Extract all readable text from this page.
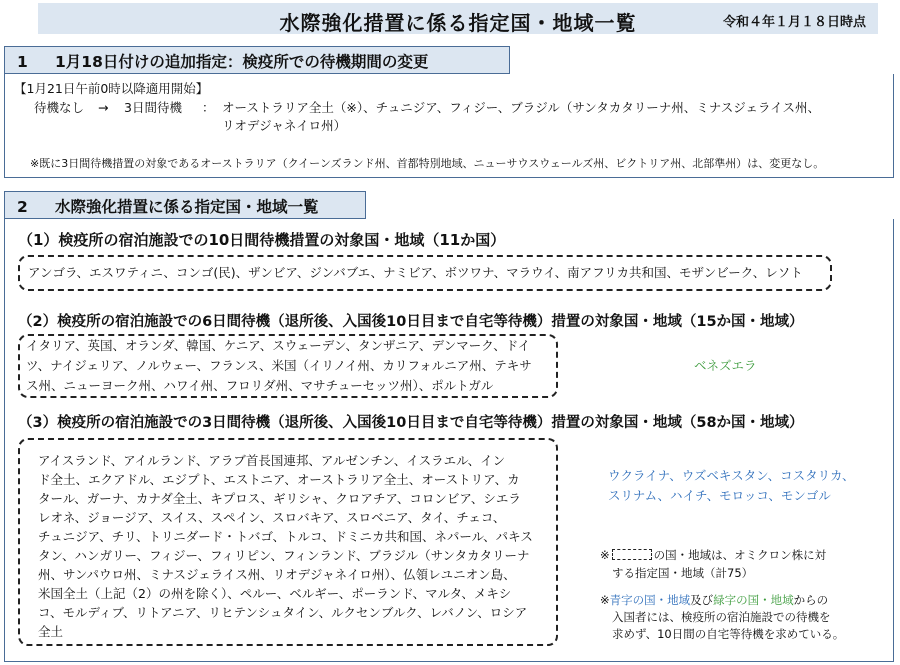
水際強化措置に係る指定国・地域一覧	令和４年１月１８日時点
1 1月18日付けの追加指定：検疫所での待機期間の変更
【1月21日午前0時以降適用開始】
待機なし → 3日間待機 ： オーストラリア全土（※）、チュニジア、フィジー、ブラジル（サンタカタリーナ州、ミナスジェライス州、
リオデジャネイロ州）
※既に3日間待機措置の対象であるオーストラリア（クイーンズランド州、首都特別地域、ニューサウスウェールズ州、ビクトリア州、北部準州）は、変更なし。
2 水際強化措置に係る指定国・地域一覧
（1）検疫所の宿泊施設での10日間待機措置の対象国・地域（11か国）
アンゴラ、エスワティニ、コンゴ(民)、ザンビア、ジンバブエ、ナミビア、ボツワナ、マラウイ、南アフリカ共和国、モザンビーク、レソト
（2）検疫所の宿泊施設での6日間待機（退所後、入国後10日目まで自宅等待機）措置の対象国・地域（15か国・地域）
イタリア、英国、オランダ、韓国、ケニア、スウェーデン、タンザニア、デンマーク、ドイ
ツ、ナイジェリア、ノルウェー、フランス、米国（イリノイ州、カリフォルニア州、テキサ
ス州、ニューヨーク州、ハワイ州、フロリダ州、マサチューセッツ州）、ポルトガル
ベネズエラ
（3）検疫所の宿泊施設での3日間待機（退所後、入国後10日目まで自宅等待機）措置の対象国・地域（58か国・地域）
アイスランド、アイルランド、アラブ首長国連邦、アルゼンチン、イスラエル、イン
ド全土、エクアドル、エジプト、エストニア、オーストラリア全土、オーストリア、カ
タール、ガーナ、カナダ全土、キプロス、ギリシャ、クロアチア、コロンビア、シエラ
レオネ、ジョージア、スイス、スペイン、スロバキア、スロベニア、タイ、チェコ、
チュニジア、チリ、トリニダード・トバゴ、トルコ、ドミニカ共和国、ネパール、パキス
タン、ハンガリー、フィジー、フィリピン、フィンランド、ブラジル（サンタカタリーナ
州、サンパウロ州、ミナスジェライス州、リオデジャネイロ州）、仏領レユニオン島、
米国全土（上記（2）の州を除く）、ペルー、ベルギー、ポーランド、マルタ、メキシ
コ、モルディブ、リトアニア、リヒテンシュタイン、ルクセンブルク、レバノン、ロシア
全土
ウクライナ、ウズベキスタン、コスタリカ、
スリナム、ハイチ、モロッコ、モンゴル
※	の国・地域は、オミクロン株に対
する指定国・地域（計75）
※青字の国・地域及び緑字の国・地域からの
入国者には、検疫所の宿泊施設での待機を
求めず、10日間の自宅等待機を求めている。
